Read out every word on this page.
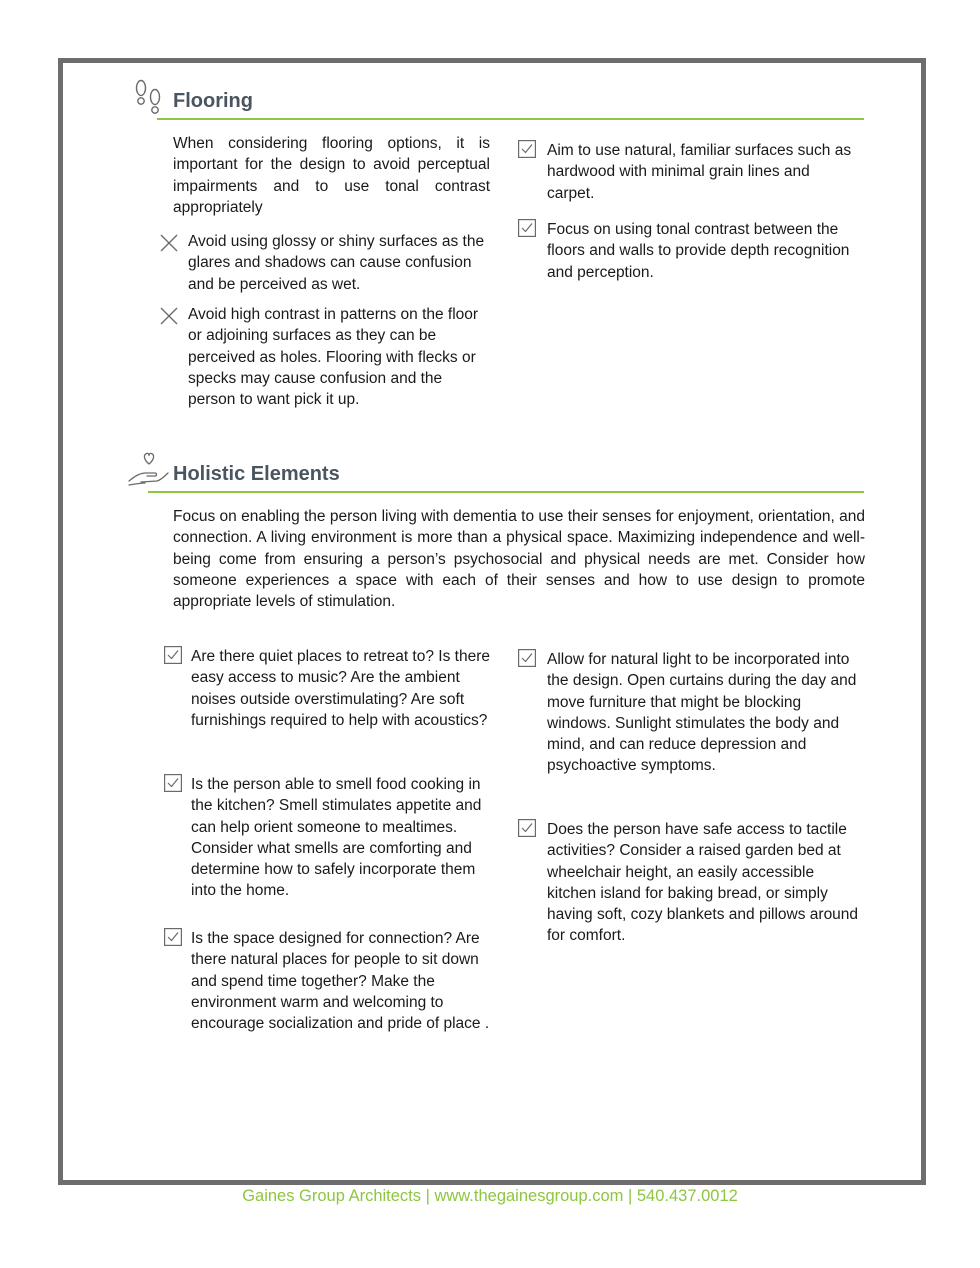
Flooring

When considering flooring options, it is important for the design to avoid perceptual impairments and to use tonal contrast appropriately

Avoid using glossy or shiny surfaces as the glares and shadows can cause confusion and be perceived as wet.
Avoid high contrast in patterns on the floor or adjoining surfaces as they can be perceived as holes. Flooring with flecks or specks may cause confusion and the person to want pick it up.
Aim to use natural, familiar surfaces such as hardwood with minimal grain lines and carpet.
Focus on using tonal contrast between the floors and walls to provide depth recognition and perception.
Holistic Elements

Focus on enabling the person living with dementia to use their senses for enjoyment, orientation, and connection. A living environment is more than a physical space. Maximizing independence and well-being come from ensuring a person’s psychosocial and physical needs are met. Consider how someone experiences a space with each of their senses and how to use design to promote appropriate levels of stimulation.

Are there quiet places to retreat to? Is there easy access to music? Are the ambient noises outside overstimulating? Are soft furnishings required to help with acoustics?
Is the person able to smell food cooking in the kitchen? Smell stimulates appetite and can help orient someone to mealtimes. Consider what smells are comforting and determine how to safely incorporate them into the home.
Is the space designed for connection? Are there natural places for people to sit down and spend time together? Make the environment warm and welcoming to encourage socialization and pride of place .
Allow for natural light to be incorporated into the design. Open curtains during the day and move furniture that might be blocking windows. Sunlight stimulates the body and mind, and can reduce depression and psychoactive symptoms.
Does the person have safe access to tactile activities? Consider a raised garden bed at wheelchair height, an easily accessible kitchen island for baking bread, or simply having soft, cozy blankets and pillows around for comfort.
Gaines Group Architects | www.thegainesgroup.com | 540.437.0012
